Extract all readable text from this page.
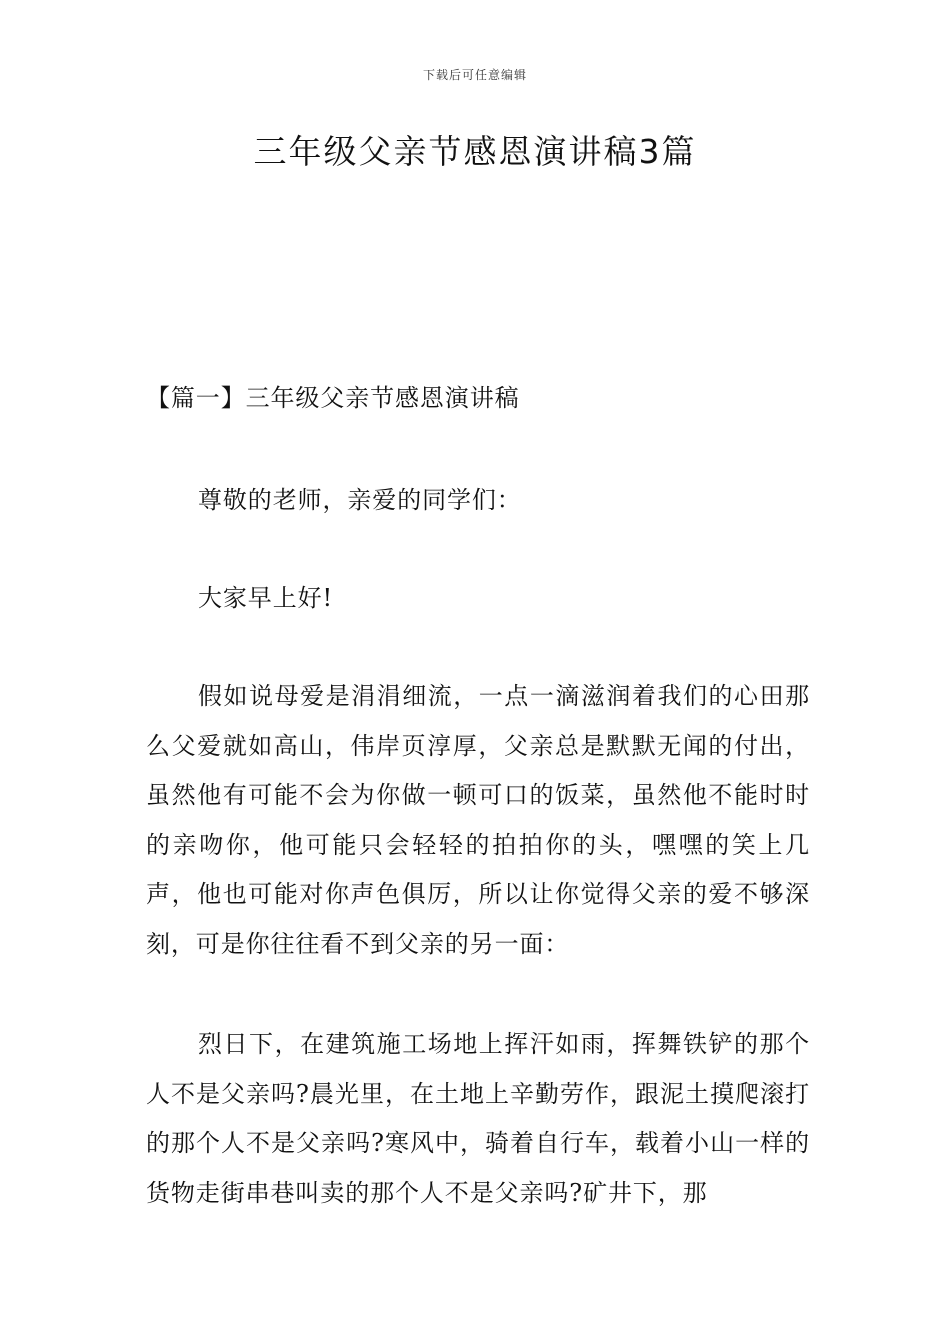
下载后可任意编辑
三年级父亲节感恩演讲稿3篇
【篇一】三年级父亲节感恩演讲稿

尊敬的老师，亲爱的同学们：

大家早上好!

假如说母爱是涓涓细流，一点一滴滋润着我们的心田那么父爱就如高山，伟岸页淳厚，父亲总是默默无闻的付出，虽然他有可能不会为你做一顿可口的饭菜，虽然他不能时时的亲吻你，他可能只会轻轻的拍拍你的头，嘿嘿的笑上几声，他也可能对你声色俱厉，所以让你觉得父亲的爱不够深刻，可是你往往看不到父亲的另一面：

烈日下，在建筑施工场地上挥汗如雨，挥舞铁铲的那个人不是父亲吗?晨光里，在土地上辛勤劳作，跟泥土摸爬滚打的那个人不是父亲吗?寒风中，骑着自行车，载着小山一样的货物走街串巷叫卖的那个人不是父亲吗?矿井下，那
